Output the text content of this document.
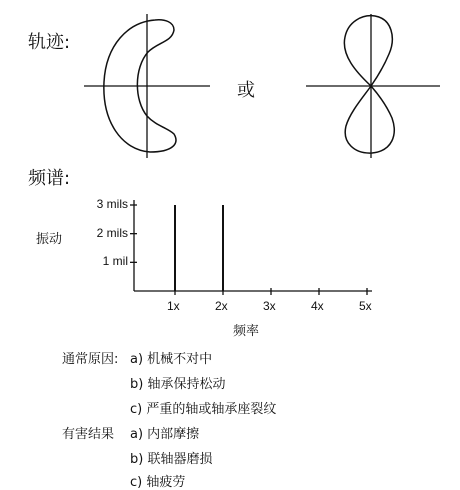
轨迹:
或
频谱:
振动
频率
1 mil
2 mils
3 mils
1x	2x	3x	4x	5x
通常原因: a) 机械不对中
b) 轴承保持松动
c) 严重的轴或轴承座裂纹
有害结果 a) 内部摩擦
b) 联轴器磨损
c) 轴疲劳
